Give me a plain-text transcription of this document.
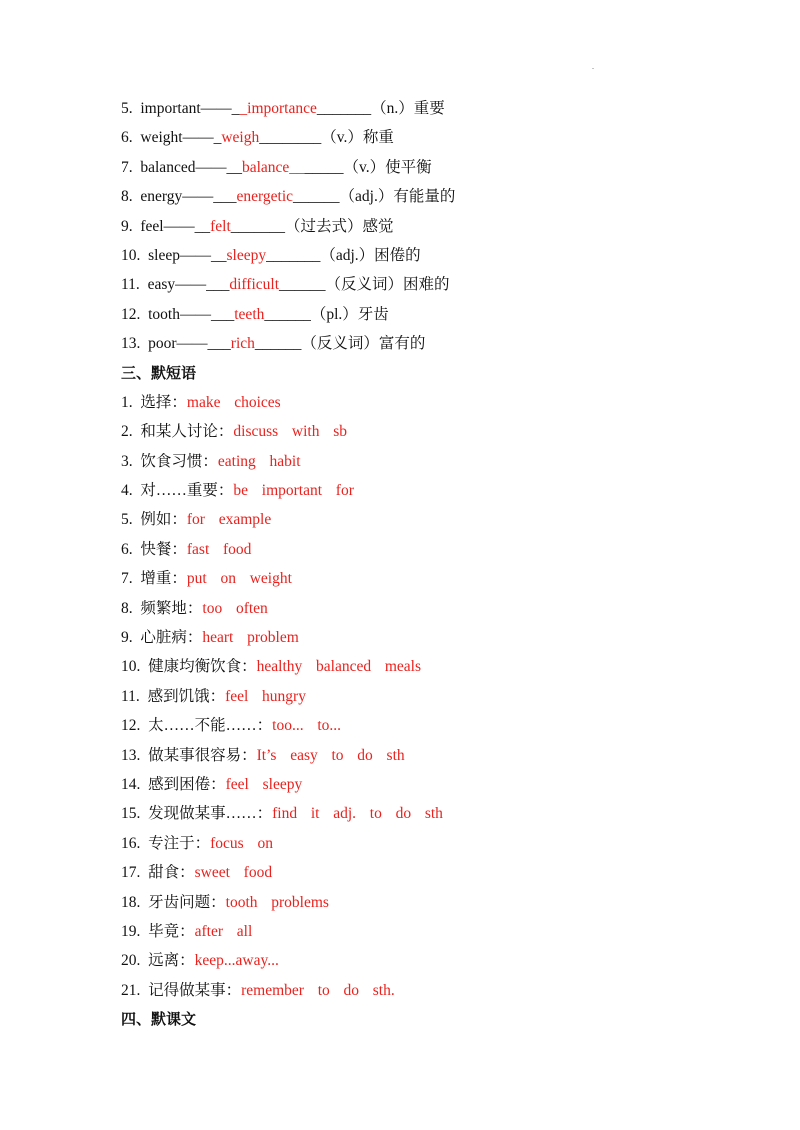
.
5. important——__importance_______（n.）重要
6. weight——_weigh________（v.）称重
7. balanced——__balance_______（v.）使平衡
8. energy——___energetic______（adj.）有能量的
9. feel——__felt_______（过去式）感觉
10. sleep——__sleepy_______（adj.）困倦的
11. easy——___difficult______（反义词）困难的
12. tooth——___teeth______（pl.）牙齿
13. poor——___rich______（反义词）富有的
三、默短语
1. 选择：make  choices
2. 和某人讨论：discuss  with  sb
3. 饮食习惯：eating  habit
4. 对……重要：be  important  for
5. 例如：for  example
6. 快餐：fast  food
7. 增重：put  on  weight
8. 频繁地：too  often
9. 心脏病：heart  problem
10. 健康均衡饮食：healthy  balanced  meals
11. 感到饥饿：feel  hungry
12. 太……不能……：too...  to...
13. 做某事很容易：It’s  easy  to  do  sth
14. 感到困倦：feel  sleepy
15. 发现做某事……：find  it  adj.  to  do  sth
16. 专注于：focus  on
17. 甜食：sweet  food
18. 牙齿问题：tooth  problems
19. 毕竟：after  all
20. 远离：keep...away...
21. 记得做某事：remember  to  do  sth.
四、默课文
